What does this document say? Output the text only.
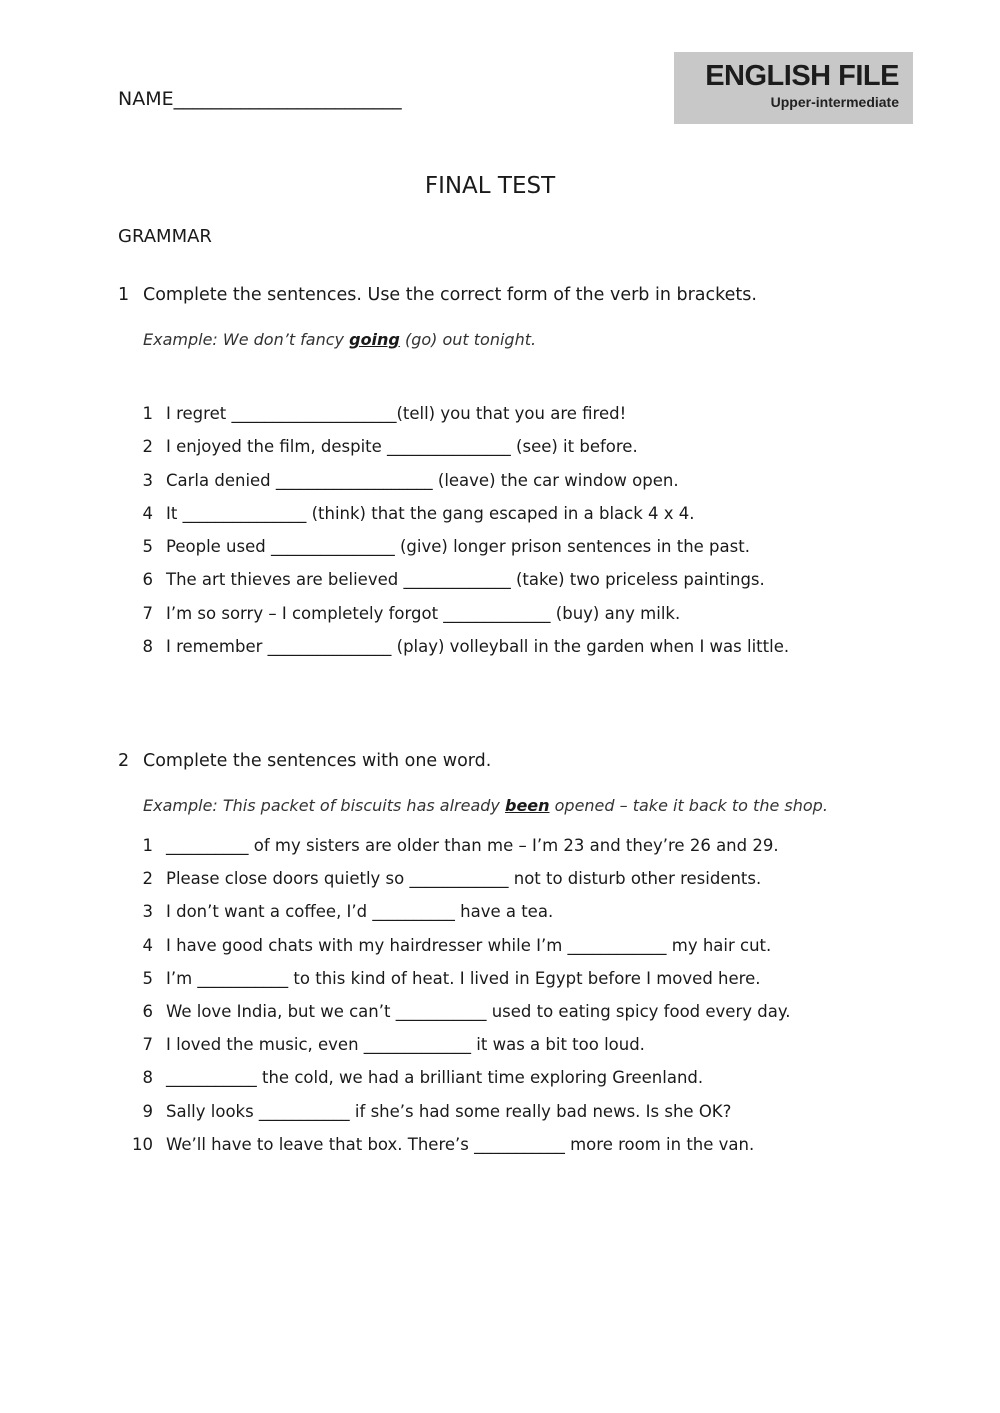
NAME________________________
ENGLISH FILE
Upper-intermediate
FINAL TEST
GRAMMAR
1 Complete the sentences. Use the correct form of the verb in brackets.
Example: We don’t fancy going (go) out tonight.
1 I regret ____________________(tell) you that you are fired!
2 I enjoyed the film, despite _______________ (see) it before.
3 Carla denied ___________________ (leave) the car window open.
4 It _______________ (think) that the gang escaped in a black 4 x 4.
5 People used _______________ (give) longer prison sentences in the past.
6 The art thieves are believed _____________ (take) two priceless paintings.
7 I’m so sorry – I completely forgot _____________ (buy) any milk.
8 I remember _______________ (play) volleyball in the garden when I was little.
2 Complete the sentences with one word.
Example: This packet of biscuits has already been opened – take it back to the shop.
1 __________ of my sisters are older than me – I’m 23 and they’re 26 and 29.
2 Please close doors quietly so ____________ not to disturb other residents.
3 I don’t want a coffee, I’d __________ have a tea.
4 I have good chats with my hairdresser while I’m ____________ my hair cut.
5 I’m ___________ to this kind of heat. I lived in Egypt before I moved here.
6 We love India, but we can’t ___________ used to eating spicy food every day.
7 I loved the music, even _____________ it was a bit too loud.
8 ___________ the cold, we had a brilliant time exploring Greenland.
9 Sally looks ___________ if she’s had some really bad news. Is she OK?
10 We’ll have to leave that box. There’s ___________ more room in the van.
